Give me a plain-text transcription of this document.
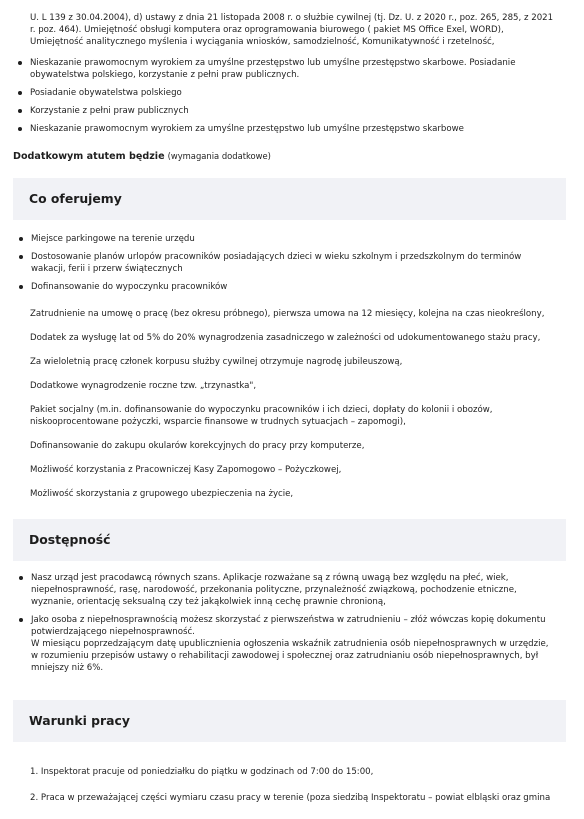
U. L 139 z 30.04.2004), d) ustawy z dnia 21 listopada 2008 r. o służbie cywilnej (tj. Dz. U. z 2020 r., poz. 265, 285, z 2021 r. poz. 464). Umiejętność obsługi komputera oraz oprogramowania biurowego ( pakiet MS Office Exel, WORD), Umiejętność analitycznego myślenia i wyciągania wniosków, samodzielność, Komunikatywność i rzetelność,

Nieskazanie prawomocnym wyrokiem za umyślne przestępstwo lub umyślne przestępstwo skarbowe. Posiadanie obywatelstwa polskiego, korzystanie z pełni praw publicznych.
Posiadanie obywatelstwa polskiego
Korzystanie z pełni praw publicznych
Nieskazanie prawomocnym wyrokiem za umyślne przestępstwo lub umyślne przestępstwo skarbowe
Dodatkowym atutem będzie (wymagania dodatkowe)
Co oferujemy
Miejsce parkingowe na terenie urzędu
Dostosowanie planów urlopów pracowników posiadających dzieci w wieku szkolnym i przedszkolnym do terminów wakacji, ferii i przerw świątecznych
Dofinansowanie do wypoczynku pracowników

Zatrudnienie na umowę o pracę (bez okresu próbnego), pierwsza umowa na 12 miesięcy, kolejna na czas nieokreślony,

Dodatek za wysługę lat od 5% do 20% wynagrodzenia zasadniczego w zależności od udokumentowanego stażu pracy,

Za wieloletnią pracę członek korpusu służby cywilnej otrzymuje nagrodę jubileuszową,

Dodatkowe wynagrodzenie roczne tzw. „trzynastka",

Pakiet socjalny (m.in. dofinansowanie do wypoczynku pracowników i ich dzieci, dopłaty do kolonii i obozów, niskooprocentowane pożyczki, wsparcie finansowe w trudnych sytuacjach – zapomogi),

Dofinansowanie do zakupu okularów korekcyjnych do pracy przy komputerze,

Możliwość korzystania z Pracowniczej Kasy Zapomogowo – Pożyczkowej,

Możliwość skorzystania z grupowego ubezpieczenia na życie,

Dostępność
Nasz urząd jest pracodawcą równych szans. Aplikacje rozważane są z równą uwagą bez względu na płeć, wiek, niepełnosprawność, rasę, narodowość, przekonania polityczne, przynależność związkową, pochodzenie etniczne, wyznanie, orientację seksualną czy też jakąkolwiek inną cechę prawnie chronioną,
Jako osoba z niepełnosprawnością możesz skorzystać z pierwszeństwa w zatrudnieniu – złóż wówczas kopię dokumentu potwierdzającego niepełnosprawność.
W miesiącu poprzedzającym datę upublicznienia ogłoszenia wskaźnik zatrudnienia osób niepełnosprawnych w urzędzie, w rozumieniu przepisów ustawy o rehabilitacji zawodowej i społecznej oraz zatrudnianiu osób niepełnosprawnych, był mniejszy niż 6%.
Warunki pracy

1. Inspektorat pracuje od poniedziałku do piątku w godzinach od 7:00 do 15:00,

2. Praca w przeważającej części wymiaru czasu pracy w terenie (poza siedzibą Inspektoratu – powiat elbląski oraz gmina
